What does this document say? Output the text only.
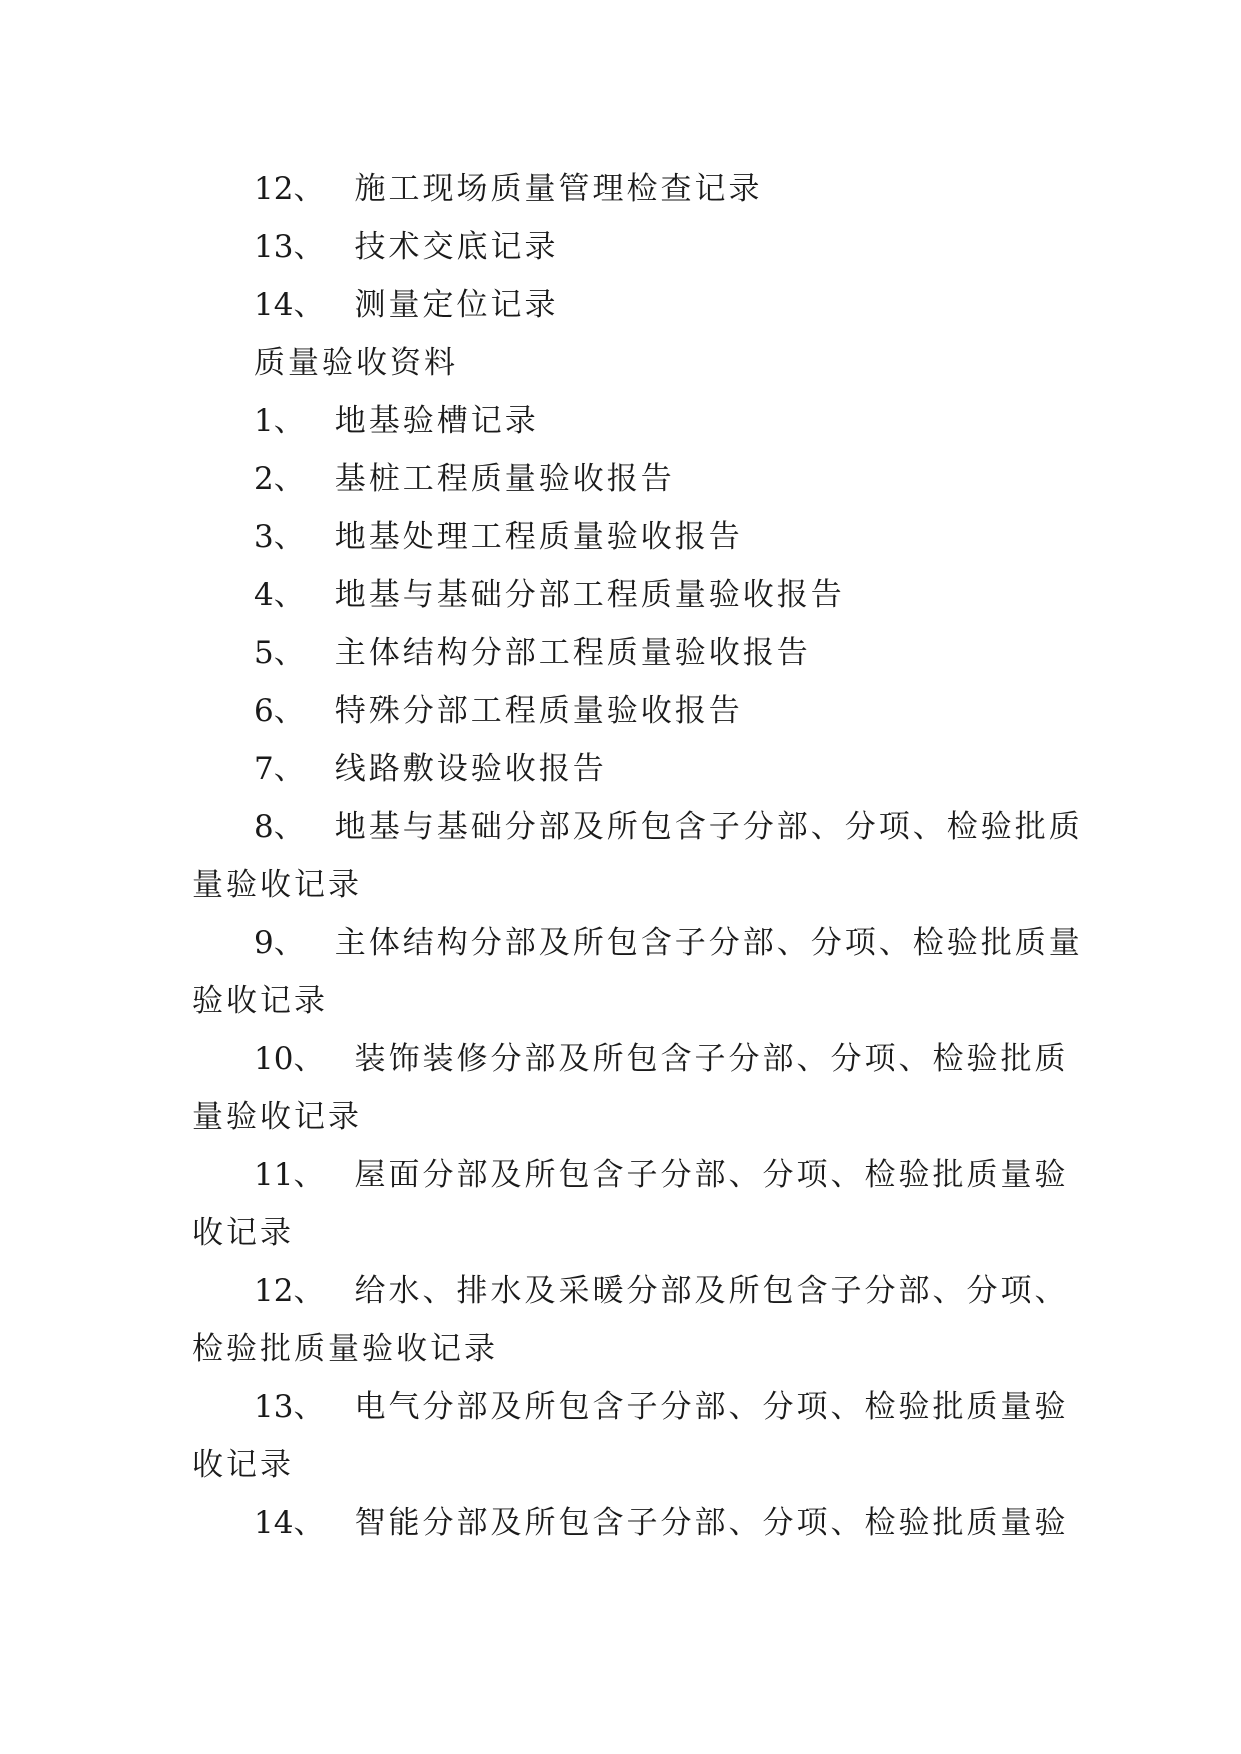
12、 施工现场质量管理检查记录
13、 技术交底记录
14、 测量定位记录
质量验收资料
1、 地基验槽记录
2、 基桩工程质量验收报告
3、 地基处理工程质量验收报告
4、 地基与基础分部工程质量验收报告
5、 主体结构分部工程质量验收报告
6、 特殊分部工程质量验收报告
7、 线路敷设验收报告
8、 地基与基础分部及所包含子分部、分项、检验批质
量验收记录
9、 主体结构分部及所包含子分部、分项、检验批质量
验收记录
10、 装饰装修分部及所包含子分部、分项、检验批质
量验收记录
11、 屋面分部及所包含子分部、分项、检验批质量验
收记录
12、 给水、排水及采暖分部及所包含子分部、分项、
检验批质量验收记录
13、 电气分部及所包含子分部、分项、检验批质量验
收记录
14、 智能分部及所包含子分部、分项、检验批质量验
